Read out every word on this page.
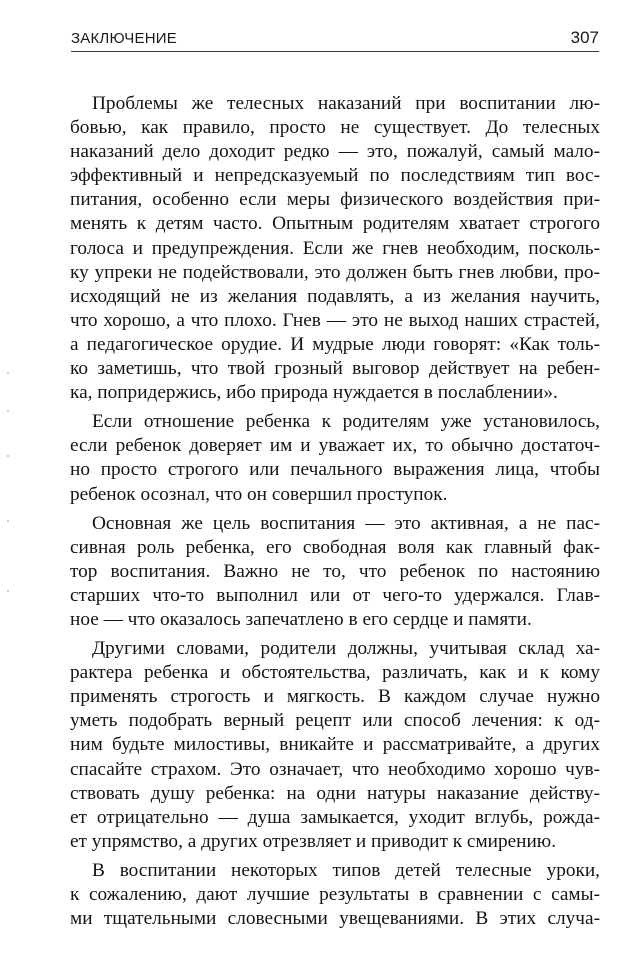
ЗАКЛЮЧЕНИЕ	307
Проблемы же телесных наказаний при воспитании лю-
бовью, как правило, просто не существует. До телесных
наказаний дело доходит редко — это, пожалуй, самый мало-
эффективный и непредсказуемый по последствиям тип вос-
питания, особенно если меры физического воздействия при-
менять к детям часто. Опытным родителям хватает строгого
голоса и предупреждения. Если же гнев необходим, посколь-
ку упреки не подействовали, это должен быть гнев любви, про-
исходящий не из желания подавлять, а из желания научить,
что хорошо, а что плохо. Гнев — это не выход наших страстей,
а педагогическое орудие. И мудрые люди говорят: «Как толь-
ко заметишь, что твой грозный выговор действует на ребен-
ка, попридержись, ибо природа нуждается в послаблении».
Если отношение ребенка к родителям уже установилось,
если ребенок доверяет им и уважает их, то обычно достаточ-
но просто строгого или печального выражения лица, чтобы
ребенок осознал, что он совершил проступок.
Основная же цель воспитания — это активная, а не пас-
сивная роль ребенка, его свободная воля как главный фак-
тор воспитания. Важно не то, что ребенок по настоянию
старших что-то выполнил или от чего-то удержался. Глав-
ное — что оказалось запечатлено в его сердце и памяти.
Другими словами, родители должны, учитывая склад ха-
рактера ребенка и обстоятельства, различать, как и к кому
применять строгость и мягкость. В каждом случае нужно
уметь подобрать верный рецепт или способ лечения: к од-
ним будьте милостивы, вникайте и рассматривайте, а других
спасайте страхом. Это означает, что необходимо хорошо чув-
ствовать душу ребенка: на одни натуры наказание действу-
ет отрицательно — душа замыкается, уходит вглубь, рожда-
ет упрямство, а других отрезвляет и приводит к смирению.
В воспитании некоторых типов детей телесные уроки,
к сожалению, дают лучшие результаты в сравнении с самы-
ми тщательными словесными увещеваниями. В этих случа-
